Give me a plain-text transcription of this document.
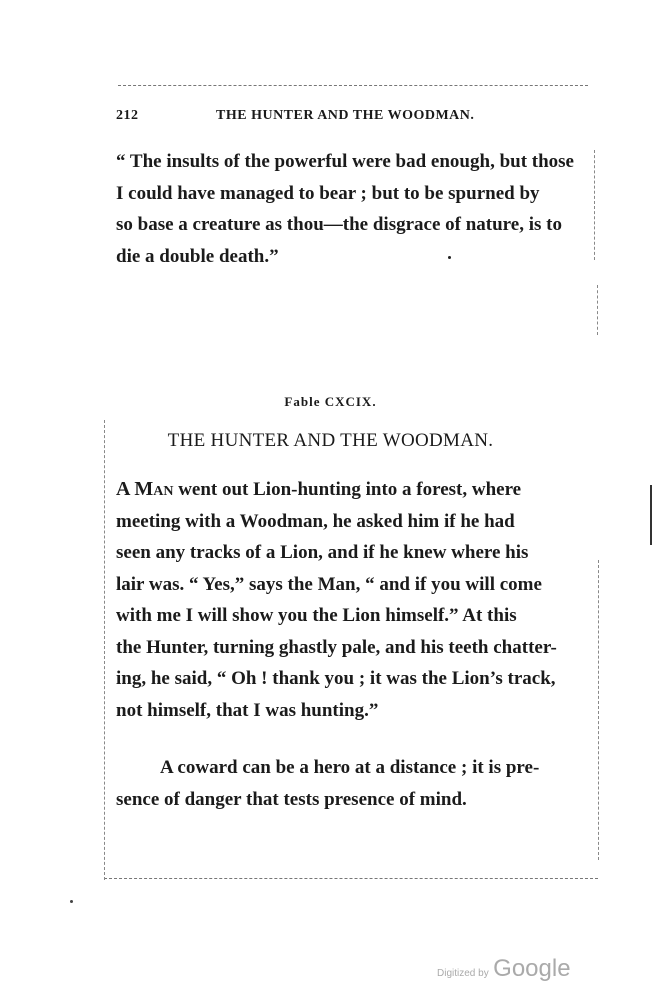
212	THE HUNTER AND THE WOODMAN.
“ The insults of the powerful were bad enough, but those
I could have managed to bear ; but to be spurned by
so base a creature as thou—the disgrace of nature, is to
die a double death.”
Fable CXCIX.
THE HUNTER AND THE WOODMAN.
A Man went out Lion-hunting into a forest, where
meeting with a Woodman, he asked him if he had
seen any tracks of a Lion, and if he knew where his
lair was. “ Yes,” says the Man, “ and if you will come
with me I will show you the Lion himself.” At this
the Hunter, turning ghastly pale, and his teeth chatter-
ing, he said, “ Oh ! thank you ; it was the Lion’s track,
not himself, that I was hunting.”
A coward can be a hero at a distance ; it is pre-
sence of danger that tests presence of mind.
Digitized by Google
